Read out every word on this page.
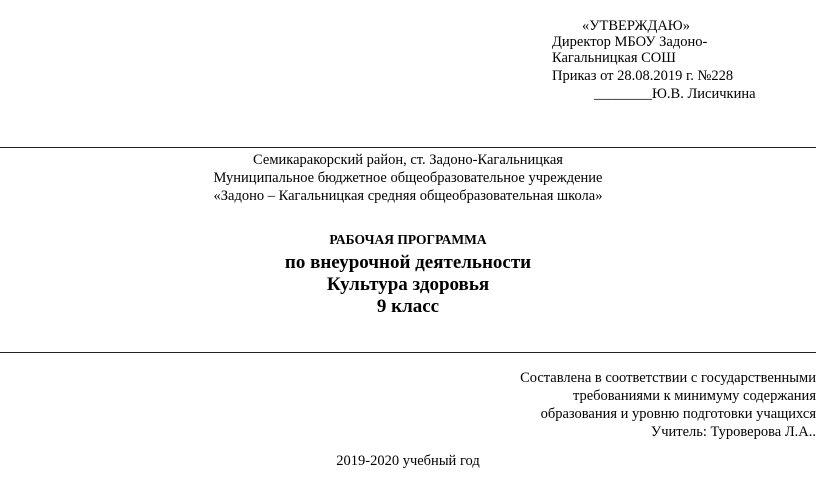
«УТВЕРЖДАЮ»
Директор МБОУ Задоно-
Кагальницкая СОШ
Приказ от 28.08.2019 г. №228
________Ю.В. Лисичкина
Семикаракорский район, ст. Задоно-Кагальницкая
Муниципальное бюджетное общеобразовательное учреждение
«Задоно – Кагальницкая средняя общеобразовательная школа»
РАБОЧАЯ ПРОГРАММА
по внеурочной деятельности
Культура здоровья
9 класс
Составлена в соответствии с государственными
требованиями к минимуму содержания
образования и уровню подготовки учащихся
Учитель: Туроверова Л.А..
2019-2020 учебный год
